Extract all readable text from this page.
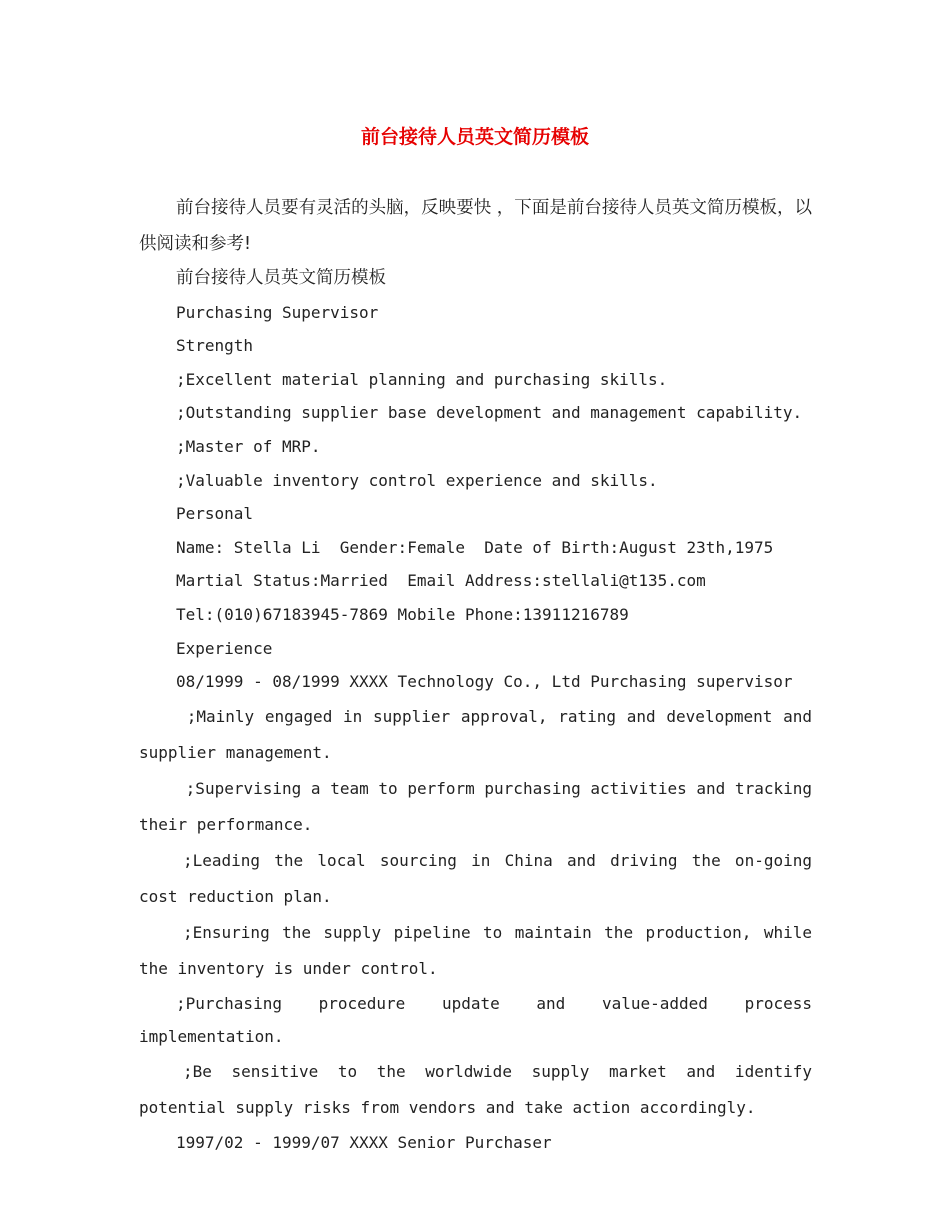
前台接待人员英文简历模板

前台接待人员要有灵活的头脑，反映要快 ，下面是前台接待人员英文简历模板，以供阅读和参考!

前台接待人员英文简历模板

Purchasing Supervisor

Strength

;Excellent material planning and purchasing skills.

;Outstanding supplier base development and management capability.

;Master of MRP.

;Valuable inventory control experience and skills.

Personal

Name: Stella Li  Gender:Female  Date of Birth:August 23th,1975

Martial Status:Married  Email Address:stellali@t135.com

Tel:(010)67183945-7869 Mobile Phone:13911216789

Experience

08/1999 - 08/1999 XXXX Technology Co., Ltd Purchasing supervisor

;Mainly engaged in supplier approval, rating and development and supplier management.

;Supervising a team to perform purchasing activities and tracking their performance.

;Leading the local sourcing in China and driving the on-going cost reduction plan.

;Ensuring the supply pipeline to maintain the production, while the inventory is under control.

;Purchasing procedure update and value-added process implementation.

;Be sensitive to the worldwide supply market and identify potential supply risks from vendors and take action accordingly.

1997/02 - 1999/07 XXXX Senior Purchaser
